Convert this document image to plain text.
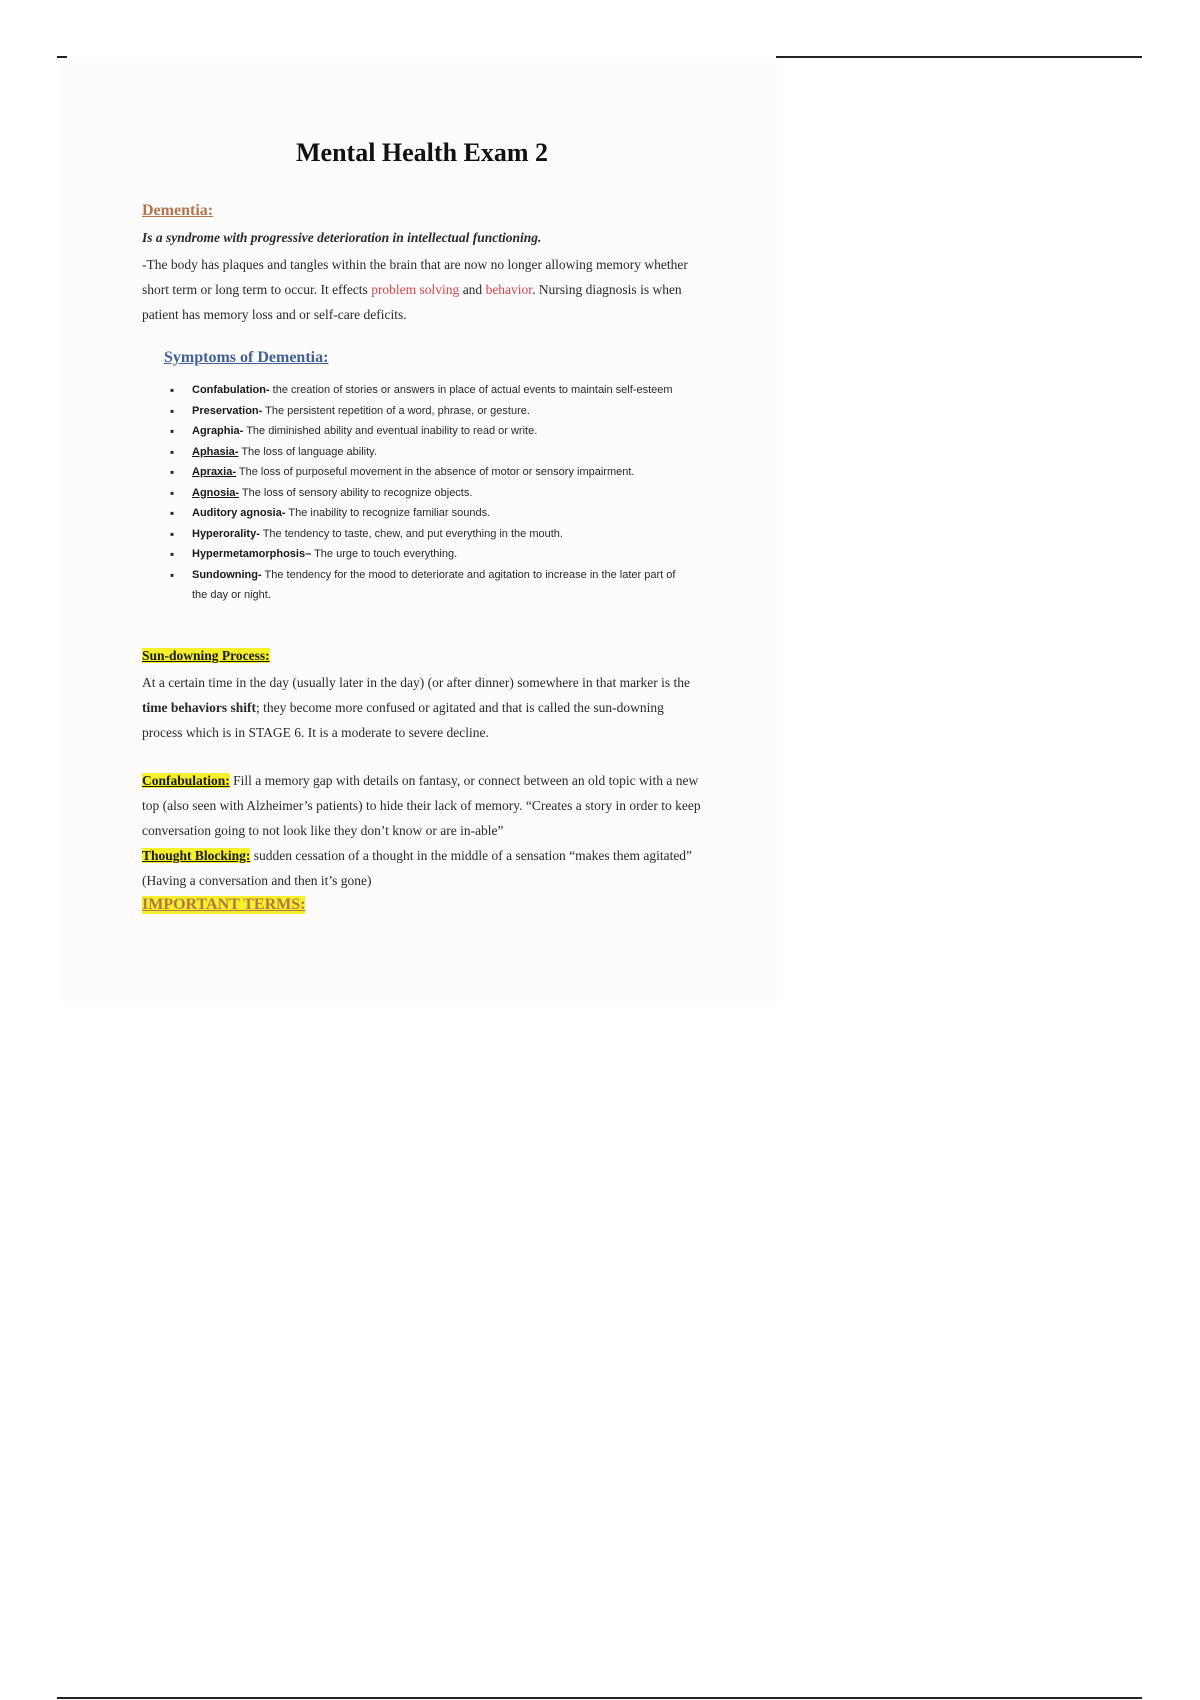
Mental Health Exam 2
Dementia:

Is a syndrome with progressive deterioration in intellectual functioning.

-The body has plaques and tangles within the brain that are now no longer allowing memory whether short term or long term to occur. It effects problem solving and behavior. Nursing diagnosis is when patient has memory loss and or self-care deficits.

Symptoms of Dementia:
▪ Confabulation- the creation of stories or answers in place of actual events to maintain self-esteem
▪ Preservation- The persistent repetition of a word, phrase, or gesture.
▪ Agraphia- The diminished ability and eventual inability to read or write.
▪ Aphasia- The loss of language ability.
▪ Apraxia- The loss of purposeful movement in the absence of motor or sensory impairment.
▪ Agnosia- The loss of sensory ability to recognize objects.
▪ Auditory agnosia- The inability to recognize familiar sounds.
▪ Hyperorality- The tendency to taste, chew, and put everything in the mouth.
▪ Hypermetamorphosis– The urge to touch everything.
▪ Sundowning- The tendency for the mood to deteriorate and agitation to increase in the later part of the day or night.
Sun-downing Process:

At a certain time in the day (usually later in the day) (or after dinner) somewhere in that marker is the time behaviors shift; they become more confused or agitated and that is called the sun-downing process which is in STAGE 6. It is a moderate to severe decline.

Confabulation: Fill a memory gap with details on fantasy, or connect between an old topic with a new top (also seen with Alzheimer’s patients) to hide their lack of memory. “Creates a story in order to keep conversation going to not look like they don’t know or are in-able”

Thought Blocking: sudden cessation of a thought in the middle of a sensation “makes them agitated” (Having a conversation and then it’s gone)

IMPORTANT TERMS:
